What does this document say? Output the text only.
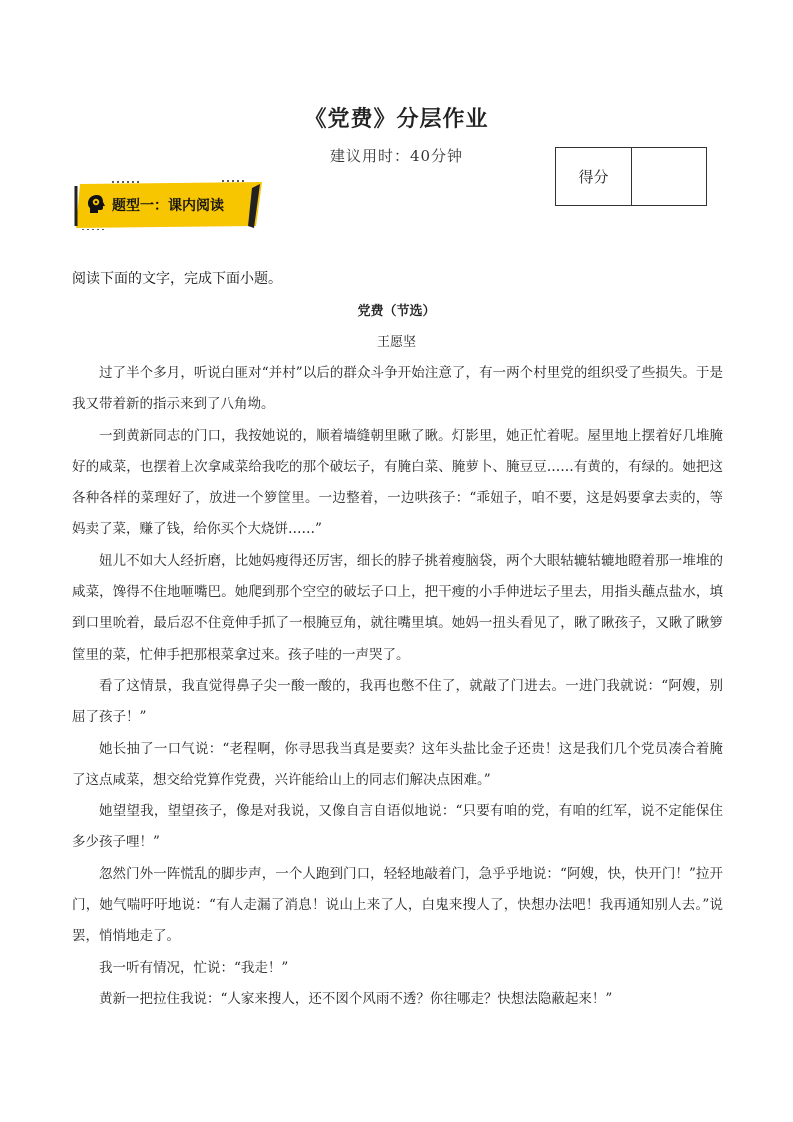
《党费》分层作业
建议用时：40分钟
得分
题型一：课内阅读
阅读下面的文字，完成下面小题。
党费（节选）
王愿坚

过了半个多月，听说白匪对“并村”以后的群众斗争开始注意了，有一两个村里党的组织受了些损失。于是我又带着新的指示来到了八角坳。

一到黄新同志的门口，我按她说的，顺着墙缝朝里瞅了瞅。灯影里，她正忙着呢。屋里地上摆着好几堆腌好的咸菜，也摆着上次拿咸菜给我吃的那个破坛子，有腌白菜、腌萝卜、腌豆豆……有黄的，有绿的。她把这各种各样的菜理好了，放进一个箩筐里。一边整着，一边哄孩子：“乖妞子，咱不要，这是妈要拿去卖的，等妈卖了菜，赚了钱，给你买个大烧饼……”

妞儿不如大人经折磨，比她妈瘦得还厉害，细长的脖子挑着瘦脑袋，两个大眼轱辘轱辘地瞪着那一堆堆的咸菜，馋得不住地咂嘴巴。她爬到那个空空的破坛子口上，把干瘦的小手伸进坛子里去，用指头蘸点盐水，填到口里吮着，最后忍不住竟伸手抓了一根腌豆角，就往嘴里填。她妈一扭头看见了，瞅了瞅孩子，又瞅了瞅箩筐里的菜，忙伸手把那根菜拿过来。孩子哇的一声哭了。

看了这情景，我直觉得鼻子尖一酸一酸的，我再也憋不住了，就敲了门进去。一进门我就说：“阿嫂，别屈了孩子！”

她长抽了一口气说：“老程啊，你寻思我当真是要卖？这年头盐比金子还贵！这是我们几个党员凑合着腌了这点咸菜，想交给党算作党费，兴许能给山上的同志们解决点困难。”

她望望我，望望孩子，像是对我说，又像自言自语似地说：“只要有咱的党，有咱的红军，说不定能保住多少孩子哩！”

忽然门外一阵慌乱的脚步声，一个人跑到门口，轻轻地敲着门，急乎乎地说：“阿嫂，快，快开门！”拉开门，她气喘吁吁地说：“有人走漏了消息！说山上来了人，白鬼来搜人了，快想办法吧！我再通知别人去。”说罢，悄悄地走了。

我一听有情况，忙说：“我走！”

黄新一把拉住我说：“人家来搜人，还不図个风雨不透？你往哪走？快想法隐蔽起来！”
